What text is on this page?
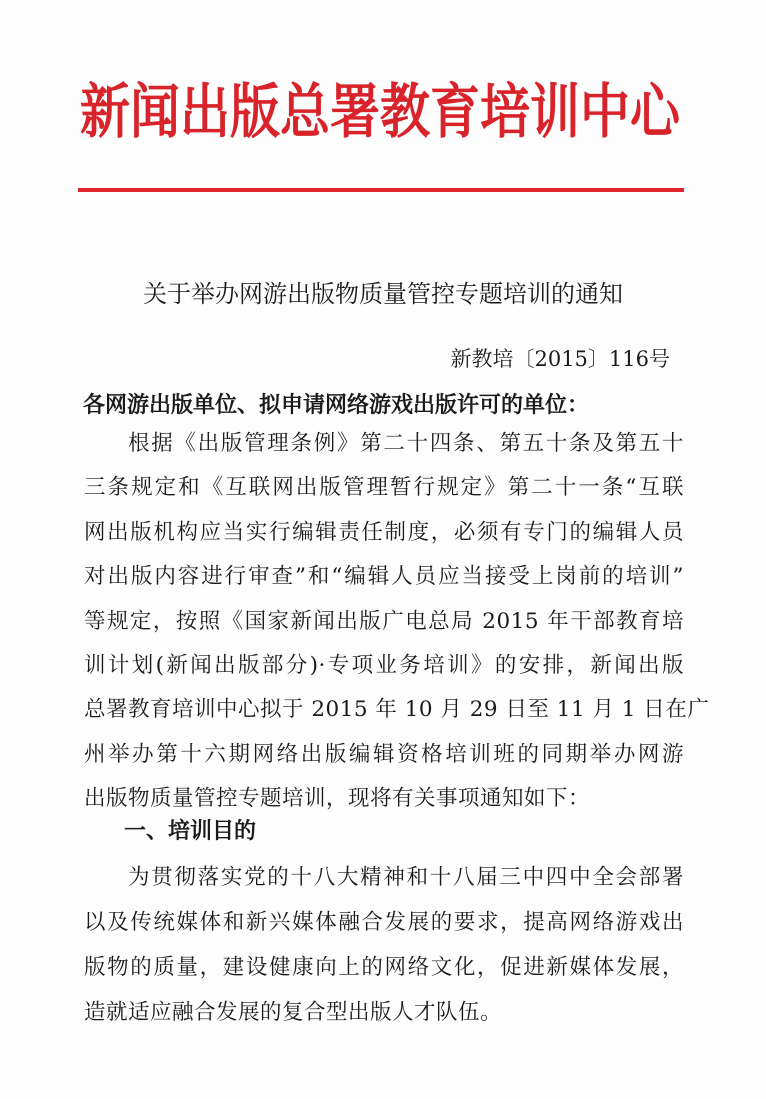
新闻出版总署教育培训中心
关于举办网游出版物质量管控专题培训的通知
新教培〔2015〕116号
各网游出版单位、拟申请网络游戏出版许可的单位：
根据《出版管理条例》第二十四条、第五十条及第五十
三条规定和《互联网出版管理暂行规定》第二十一条“互联
网出版机构应当实行编辑责任制度，必须有专门的编辑人员
对出版内容进行审查”和“编辑人员应当接受上岗前的培训”
等规定，按照《国家新闻出版广电总局 2015 年干部教育培
训计划(新闻出版部分)·专项业务培训》的安排，新闻出版
总署教育培训中心拟于 2015 年 10 月 29 日至 11 月 1 日在广
州举办第十六期网络出版编辑资格培训班的同期举办网游
出版物质量管控专题培训，现将有关事项通知如下：
一、培训目的
为贯彻落实党的十八大精神和十八届三中四中全会部署
以及传统媒体和新兴媒体融合发展的要求，提高网络游戏出
版物的质量，建设健康向上的网络文化，促进新媒体发展，
造就适应融合发展的复合型出版人才队伍。
